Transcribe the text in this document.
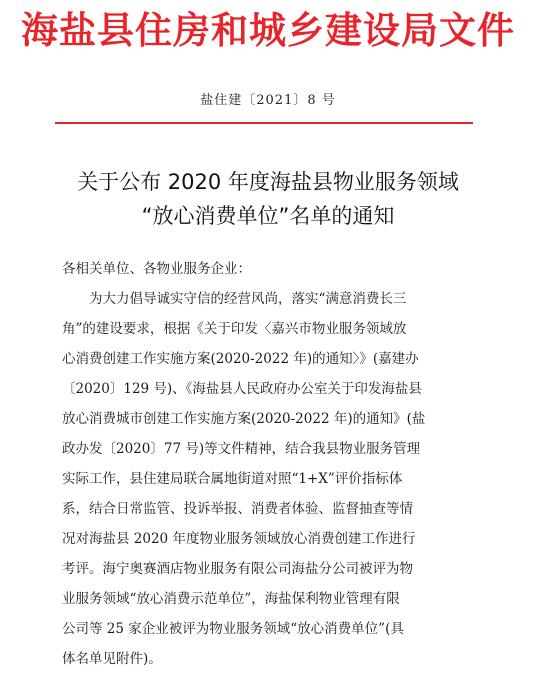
海盐县住房和城乡建设局文件
盐住建〔2021〕8 号
关于公布 2020 年度海盐县物业服务领域
“放心消费单位”名单的通知
各相关单位、各物业服务企业：
　　为大力倡导诚实守信的经营风尚，落实“满意消费长三
角”的建设要求，根据《关于印发〈嘉兴市物业服务领域放
心消费创建工作实施方案(2020-2022 年)的通知〉》(嘉建办
〔2020〕129 号)、《海盐县人民政府办公室关于印发海盐县
放心消费城市创建工作实施方案(2020-2022 年)的通知》(盐
政办发〔2020〕77 号)等文件精神，结合我县物业服务管理
实际工作，县住建局联合属地街道对照“1+X”评价指标体
系，结合日常监管、投诉举报、消费者体验、监督抽查等情
况对海盐县 2020 年度物业服务领域放心消费创建工作进行
考评。海宁奥赛酒店物业服务有限公司海盐分公司被评为物
业服务领域“放心消费示范单位”，海盐保利物业管理有限
公司等 25 家企业被评为物业服务领域“放心消费单位”(具
体名单见附件)。
